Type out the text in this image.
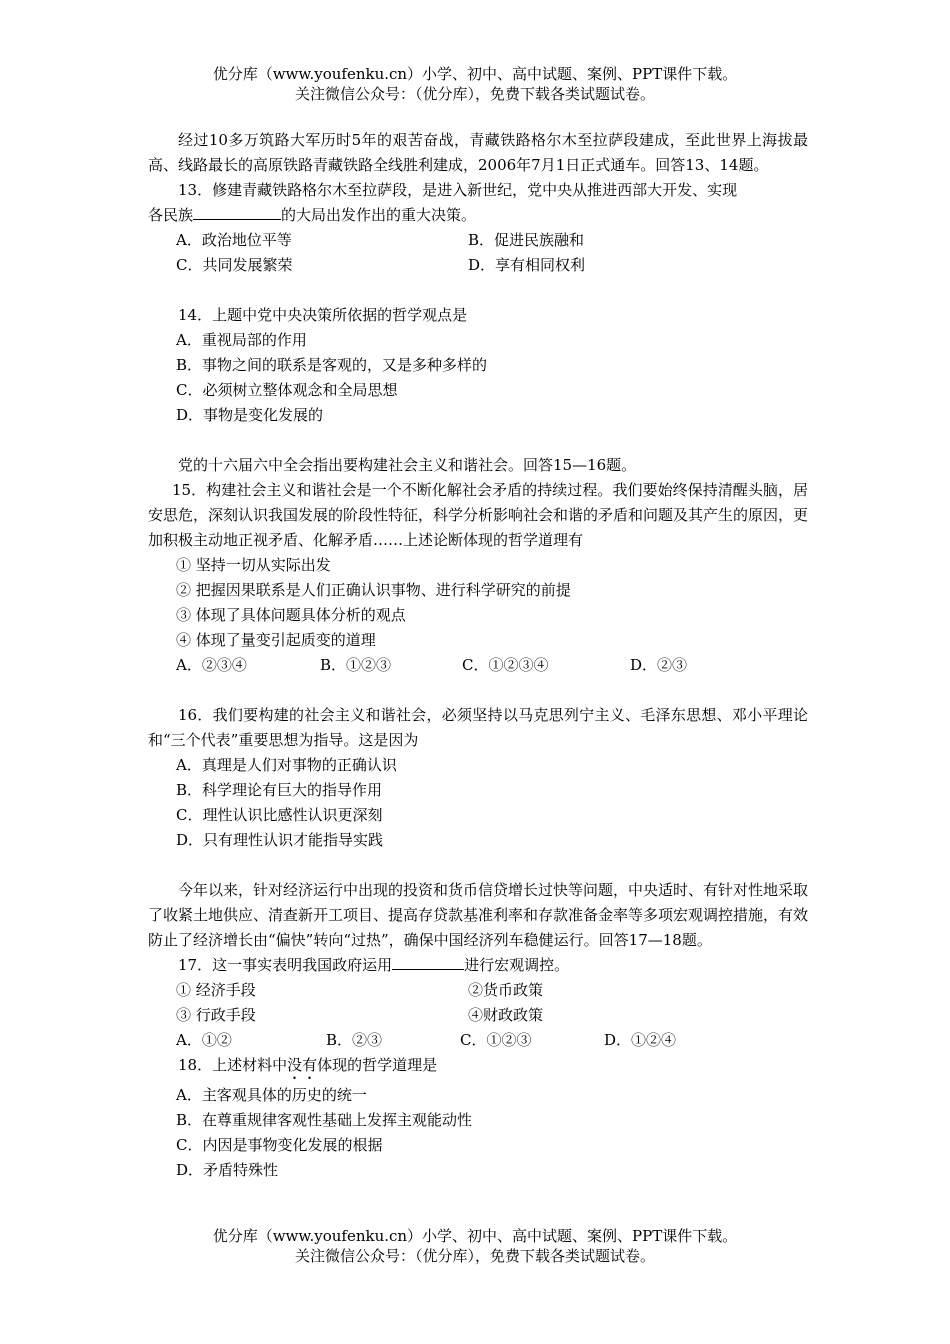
优分库（www.youfenku.cn）小学、初中、高中试题、案例、PPT课件下载。
关注微信公众号：（优分库），免费下载各类试题试卷。
经过10多万筑路大军历时5年的艰苦奋战，青藏铁路格尔木至拉萨段建成，至此世界上海拔最高、线路最长的高原铁路青藏铁路全线胜利建成，2006年7月1日正式通车。回答13、14题。
13．修建青藏铁路格尔木至拉萨段，是进入新世纪，党中央从推进西部大开发、实现
各民族	的大局出发作出的重大决策。
A．政治地位平等	B．促进民族融和
C．共同发展繁荣	D．享有相同权利
14．上题中党中央决策所依据的哲学观点是
A．重视局部的作用
B．事物之间的联系是客观的，又是多种多样的
C．必须树立整体观念和全局思想
D．事物是变化发展的
党的十六届六中全会指出要构建社会主义和谐社会。回答15—16题。
15．构建社会主义和谐社会是一个不断化解社会矛盾的持续过程。我们要始终保持清醒头脑，居安思危，深刻认识我国发展的阶段性特征，科学分析影响社会和谐的矛盾和问题及其产生的原因，更加积极主动地正视矛盾、化解矛盾……上述论断体现的哲学道理有
① 坚持一切从实际出发
② 把握因果联系是人们正确认识事物、进行科学研究的前提
③ 体现了具体问题具体分析的观点
④ 体现了量变引起质变的道理
A．②③④	B．①②③	C．①②③④	D．②③
16．我们要构建的社会主义和谐社会，必须坚持以马克思列宁主义、毛泽东思想、邓小平理论和“三个代表”重要思想为指导。这是因为
A．真理是人们对事物的正确认识
B．科学理论有巨大的指导作用
C．理性认识比感性认识更深刻
D．只有理性认识才能指导实践
今年以来，针对经济运行中出现的投资和货币信贷增长过快等问题，中央适时、有针对性地采取了收紧土地供应、清查新开工项目、提高存贷款基准利率和存款准备金率等多项宏观调控措施，有效防止了经济增长由“偏快”转向“过热”，确保中国经济列车稳健运行。回答17—18题。
17．这一事实表明我国政府运用	进行宏观调控。
① 经济手段	②货币政策
③ 行政手段	④财政政策
A．①②	B．②③	C．①②③	D．①②④
18．上述材料中没有体现的哲学道理是
A．主客观具体的历史的统一
B．在尊重规律客观性基础上发挥主观能动性
C．内因是事物变化发展的根据
D．矛盾特殊性
优分库（www.youfenku.cn）小学、初中、高中试题、案例、PPT课件下载。
关注微信公众号：（优分库），免费下载各类试题试卷。
